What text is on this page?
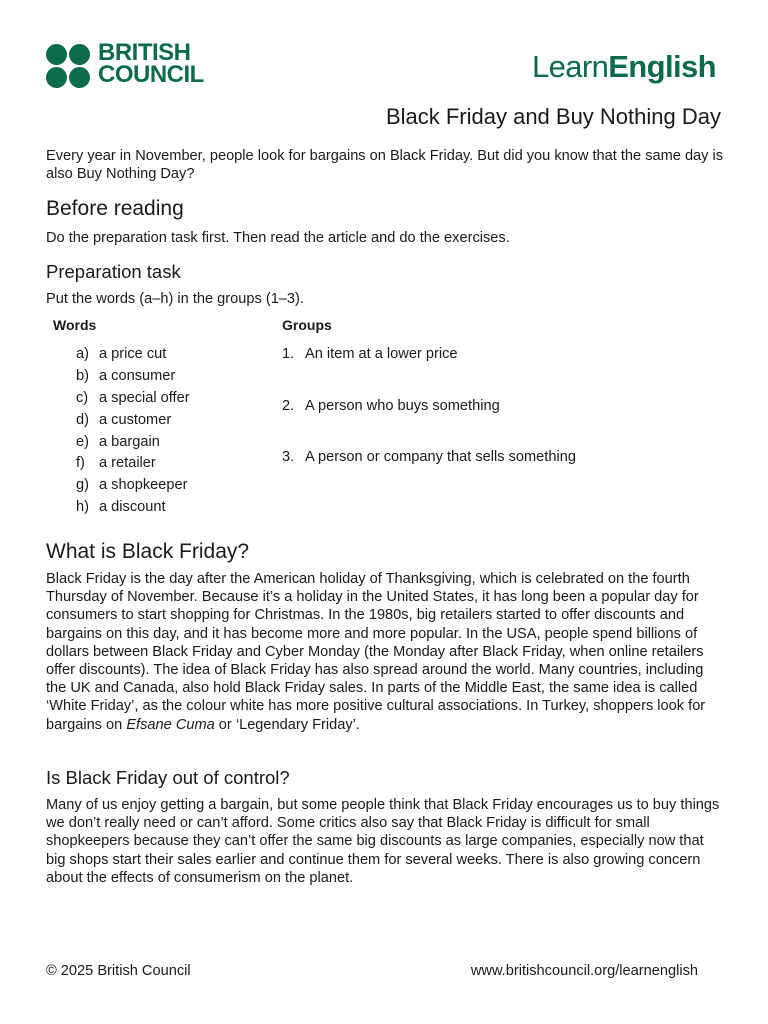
BRITISH
COUNCIL	LearnEnglish
Black Friday and Buy Nothing Day

Every year in November, people look for bargains on Black Friday. But did you know that the same day is also Buy Nothing Day?

Before reading

Do the preparation task first. Then read the article and do the exercises.

Preparation task

Put the words (a–h) in the groups (1–3).

Words	Groups
a) a price cut
b) a consumer
c) a special offer
d) a customer
e) a bargain
f) a retailer
g) a shopkeeper
h) a discount
1. An item at a lower price
2. A person who buys something
3. A person or company that sells something
What is Black Friday?

Black Friday is the day after the American holiday of Thanksgiving, which is celebrated on the fourth Thursday of November. Because it’s a holiday in the United States, it has long been a popular day for consumers to start shopping for Christmas. In the 1980s, big retailers started to offer discounts and bargains on this day, and it has become more and more popular. In the USA, people spend billions of dollars between Black Friday and Cyber Monday (the Monday after Black Friday, when online retailers offer discounts). The idea of Black Friday has also spread around the world. Many countries, including the UK and Canada, also hold Black Friday sales. In parts of the Middle East, the same idea is called ‘White Friday’, as the colour white has more positive cultural associations. In Turkey, shoppers look for bargains on Efsane Cuma or ‘Legendary Friday’.

Is Black Friday out of control?

Many of us enjoy getting a bargain, but some people think that Black Friday encourages us to buy things we don’t really need or can’t afford. Some critics also say that Black Friday is difficult for small shopkeepers because they can’t offer the same big discounts as large companies, especially now that big shops start their sales earlier and continue them for several weeks. There is also growing concern about the effects of consumerism on the planet.

© 2025 British Council	www.britishcouncil.org/learnenglish
